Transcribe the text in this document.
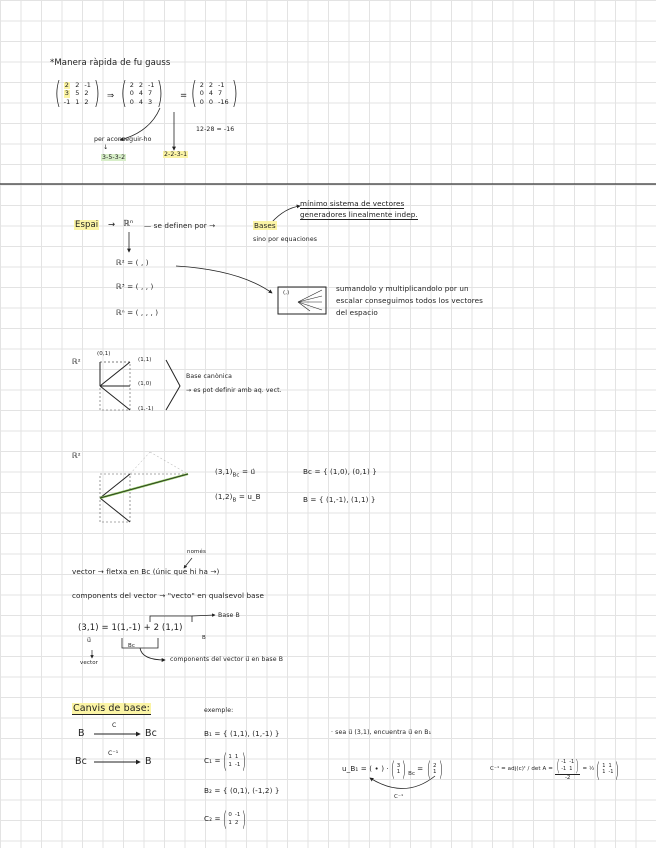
*Manera ràpida de fu gauss
( 2 2 -1
3 5 2
-1 1 2 ) ⇒ ( 2 2 -1
0 4 7
0 4 3 ) = ( 2 2 -1
0 4 7
0 0 -16 )
12-28 = -16
per aconseguir-ho
↓
3-5-3-2	2-2-3-1
Espai → ℝⁿ — se definen por →	Bases
mínimo sistema de vectores
generadores linealmente indep.
sino por equaciones
ℝ² = ( , )
ℝ³ = ( , , )
ℝⁿ = ( , , , )
(,)	sumandolo y multiplicandolo por un
escalar conseguimos todos los vectores
del espacio
ℝ²
(0,1)
(1,1)
(1,0)
(1,-1)
Base canònica
→ es pot definir amb aq. vect.
ℝ²
$(3,1)_{Bc}$ = u⃗
$(1,2)_B$ = u_B
Bc = { (1,0), (0,1) }
B = { (1,-1), (1,1) }
només
vector → fletxa en Bc (únic que hi ha →)
components del vector → "vecto" en qualsevol base
Base B
(3,1) = 1(1,-1) + 2 (1,1)
Bc
B
u⃗
vector	components del vector u⃗ en base B
Canvis de base:	exemple:
B
C
Bc
Bc
C⁻¹
B
B₁ = { (1,1), (1,-1) }
C₁ = ( 1 1
1 -1 )
B₂ = { (0,1), (-1,2) }
C₂ = ( 0 -1
1 2 )
· sea u⃗ (3,1), encuentra u⃗ en B₁
u_B₁ = ( • ) · ( 3
1 ) Bc
= ( 2
1 )
C⁻¹
C⁻¹ = adj(c)ᵗ / det A = ( -1 -1
-1 1 )
-2
= ½ ( 1 1
1 -1 )
